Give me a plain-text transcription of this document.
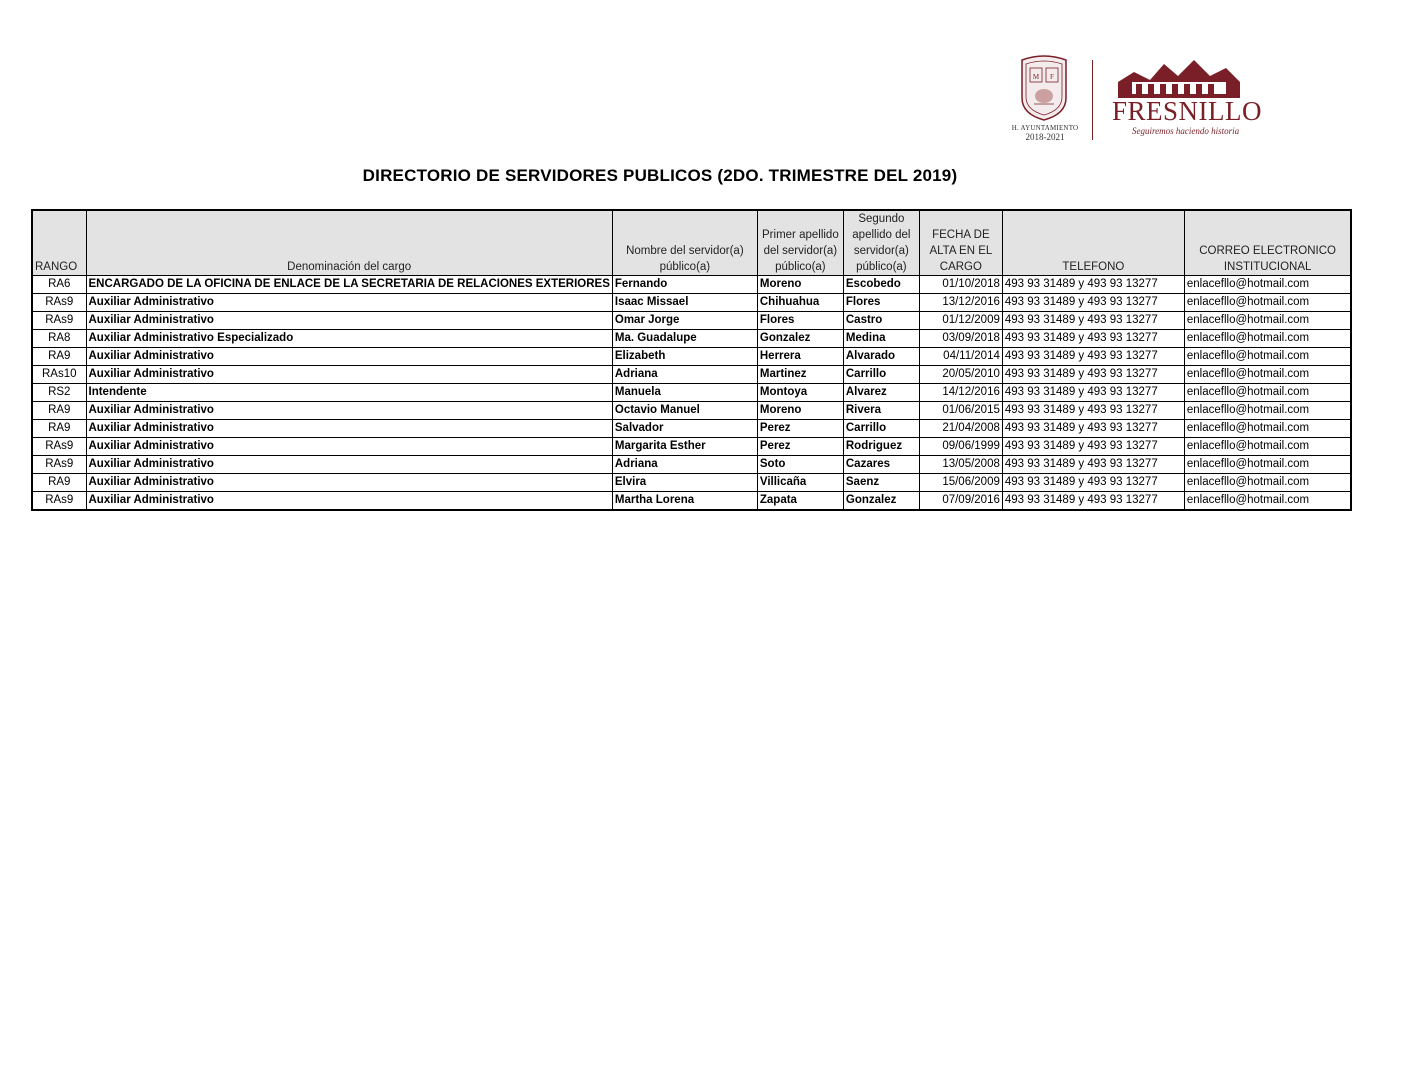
M F
H. AYUNTAMIENTO
2018-2021
FRESNILLO
Seguiremos haciendo historia
DIRECTORIO DE SERVIDORES PUBLICOS (2DO. TRIMESTRE DEL 2019)
RANGO	Denominación del cargo	Nombre del servidor(a) público(a)	Primer apellido del servidor(a) público(a)	Segundo apellido del servidor(a) público(a)	FECHA DE ALTA EN EL CARGO	TELEFONO	CORREO ELECTRONICO INSTITUCIONAL
RA6	ENCARGADO DE LA OFICINA DE ENLACE DE LA SECRETARIA DE RELACIONES EXTERIORES	Fernando	Moreno	Escobedo	01/10/2018	493 93 31489 y 493 93 13277	enlacefllo@hotmail.com
RAs9	Auxiliar Administrativo	Isaac Missael	Chihuahua	Flores	13/12/2016	493 93 31489 y 493 93 13277	enlacefllo@hotmail.com
RAs9	Auxiliar Administrativo	Omar Jorge	Flores	Castro	01/12/2009	493 93 31489 y 493 93 13277	enlacefllo@hotmail.com
RA8	Auxiliar Administrativo Especializado	Ma. Guadalupe	Gonzalez	Medina	03/09/2018	493 93 31489 y 493 93 13277	enlacefllo@hotmail.com
RA9	Auxiliar Administrativo	Elizabeth	Herrera	Alvarado	04/11/2014	493 93 31489 y 493 93 13277	enlacefllo@hotmail.com
RAs10	Auxiliar Administrativo	Adriana	Martinez	Carrillo	20/05/2010	493 93 31489 y 493 93 13277	enlacefllo@hotmail.com
RS2	Intendente	Manuela	Montoya	Alvarez	14/12/2016	493 93 31489 y 493 93 13277	enlacefllo@hotmail.com
RA9	Auxiliar Administrativo	Octavio Manuel	Moreno	Rivera	01/06/2015	493 93 31489 y 493 93 13277	enlacefllo@hotmail.com
RA9	Auxiliar Administrativo	Salvador	Perez	Carrillo	21/04/2008	493 93 31489 y 493 93 13277	enlacefllo@hotmail.com
RAs9	Auxiliar Administrativo	Margarita Esther	Perez	Rodriguez	09/06/1999	493 93 31489 y 493 93 13277	enlacefllo@hotmail.com
RAs9	Auxiliar Administrativo	Adriana	Soto	Cazares	13/05/2008	493 93 31489 y 493 93 13277	enlacefllo@hotmail.com
RA9	Auxiliar Administrativo	Elvira	Villicaña	Saenz	15/06/2009	493 93 31489 y 493 93 13277	enlacefllo@hotmail.com
RAs9	Auxiliar Administrativo	Martha Lorena	Zapata	Gonzalez	07/09/2016	493 93 31489 y 493 93 13277	enlacefllo@hotmail.com
